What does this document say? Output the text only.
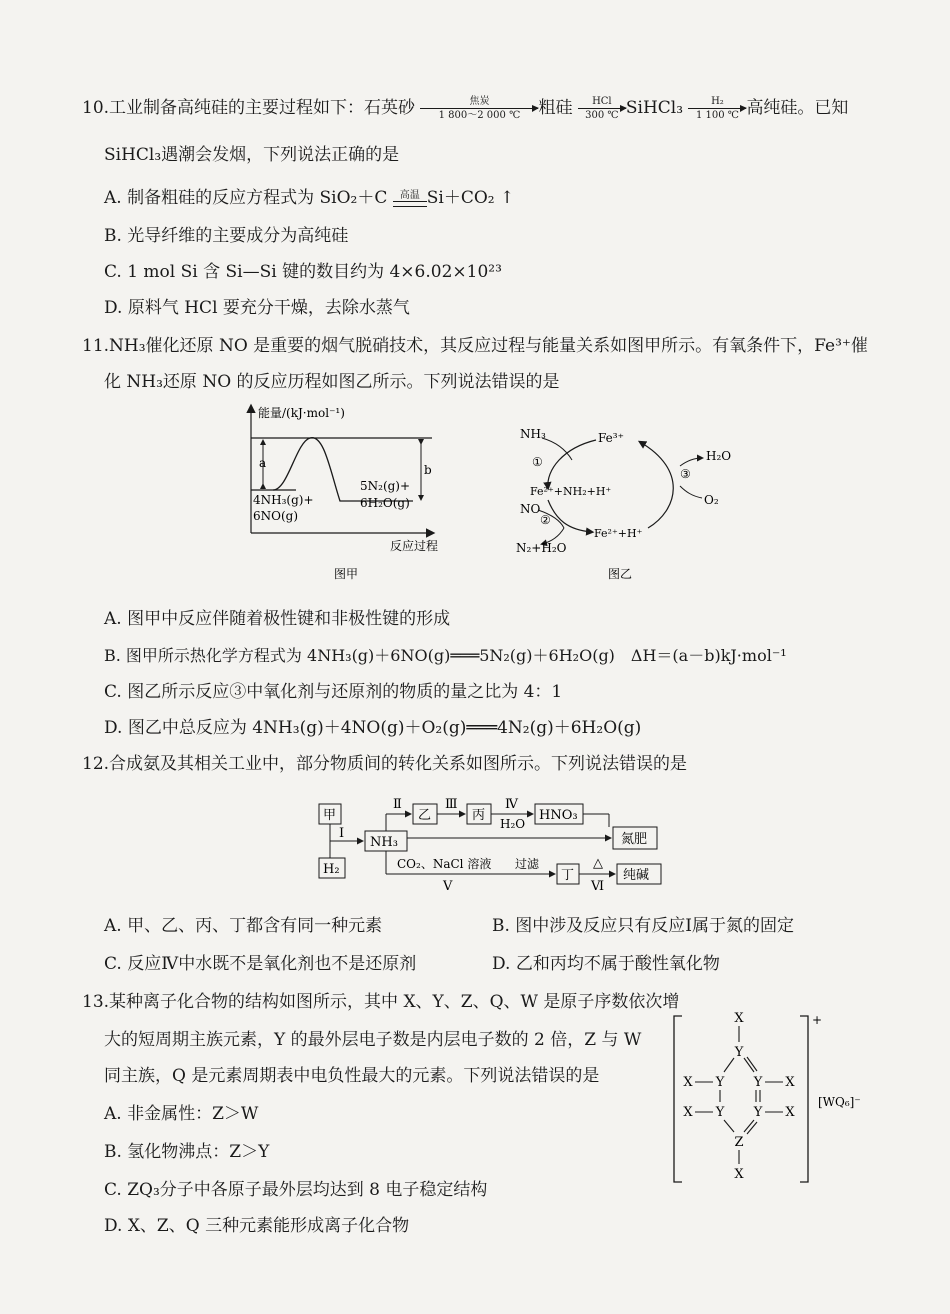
10.工业制备高纯硅的主要过程如下：石英砂	焦炭
1 800～2 000 ℃	粗硅	HCl
300 ℃ SiHCl₃ $\frac{\text{H₂}}{1 100 ℃}$ 高纯硅。已知
SiHCl₃遇潮会发烟，下列说法正确的是
A. 制备粗硅的反应方程式为 SiO₂＋C	高温 Si＋CO₂ ↑
B. 光导纤维的主要成分为高纯硅
C. 1 mol Si 含 Si—Si 键的数目约为 4×6.02×10²³
D. 原料气 HCl 要充分干燥，去除水蒸气
11.NH₃催化还原 NO 是重要的烟气脱硝技术，其反应过程与能量关系如图甲所示。有氧条件下，Fe³⁺催
化 NH₃还原 NO 的反应历程如图乙所示。下列说法错误的是
能量/(kJ·mol⁻¹)
a	b
4NH₃(g)+
6NO(g)
5N₂(g)+
6H₂O(g)
反应过程
图甲
NH₃	Fe³⁺
①
Fe²⁺+NH₂+H⁺
NO
②
N₂+H₂O
Fe²⁺+H⁺
③
H₂O
O₂
图乙
A. 图甲中反应伴随着极性键和非极性键的形成
B. 图甲所示热化学方程式为 4NH₃(g)＋6NO(g)═══5N₂(g)＋6H₂O(g)　ΔH＝(a－b)kJ·mol⁻¹
C. 图乙所示反应③中氧化剂与还原剂的物质的量之比为 4：1
D. 图乙中总反应为 4NH₃(g)＋4NO(g)＋O₂(g)═══4N₂(g)＋6H₂O(g)
12.合成氨及其相关工业中，部分物质间的转化关系如图所示。下列说法错误的是
甲
H₂
Ⅰ
NH₃
Ⅱ
乙
Ⅲ
丙
Ⅳ
H₂O
HNO₃
氮肥
CO₂、NaCl 溶液 过滤
Ⅴ
丁
△
Ⅵ
纯碱
A. 甲、乙、丙、丁都含有同一种元素	B. 图中涉及反应只有反应Ⅰ属于氮的固定
C. 反应Ⅳ中水既不是氧化剂也不是还原剂	D. 乙和丙均不属于酸性氧化物
13.某种离子化合物的结构如图所示，其中 X、Y、Z、Q、W 是原子序数依次增
大的短周期主族元素，Y 的最外层电子数是内层电子数的 2 倍，Z 与 W
同主族，Q 是元素周期表中电负性最大的元素。下列说法错误的是
A. 非金属性：Z＞W
B. 氢化物沸点：Z＞Y
C. ZQ₃分子中各原子最外层均达到 8 电子稳定结构
D. X、Z、Q 三种元素能形成离子化合物
+
X
Y
Y Y
Y Y
Z
X
X
X
X
X
[WQ₆]⁻
